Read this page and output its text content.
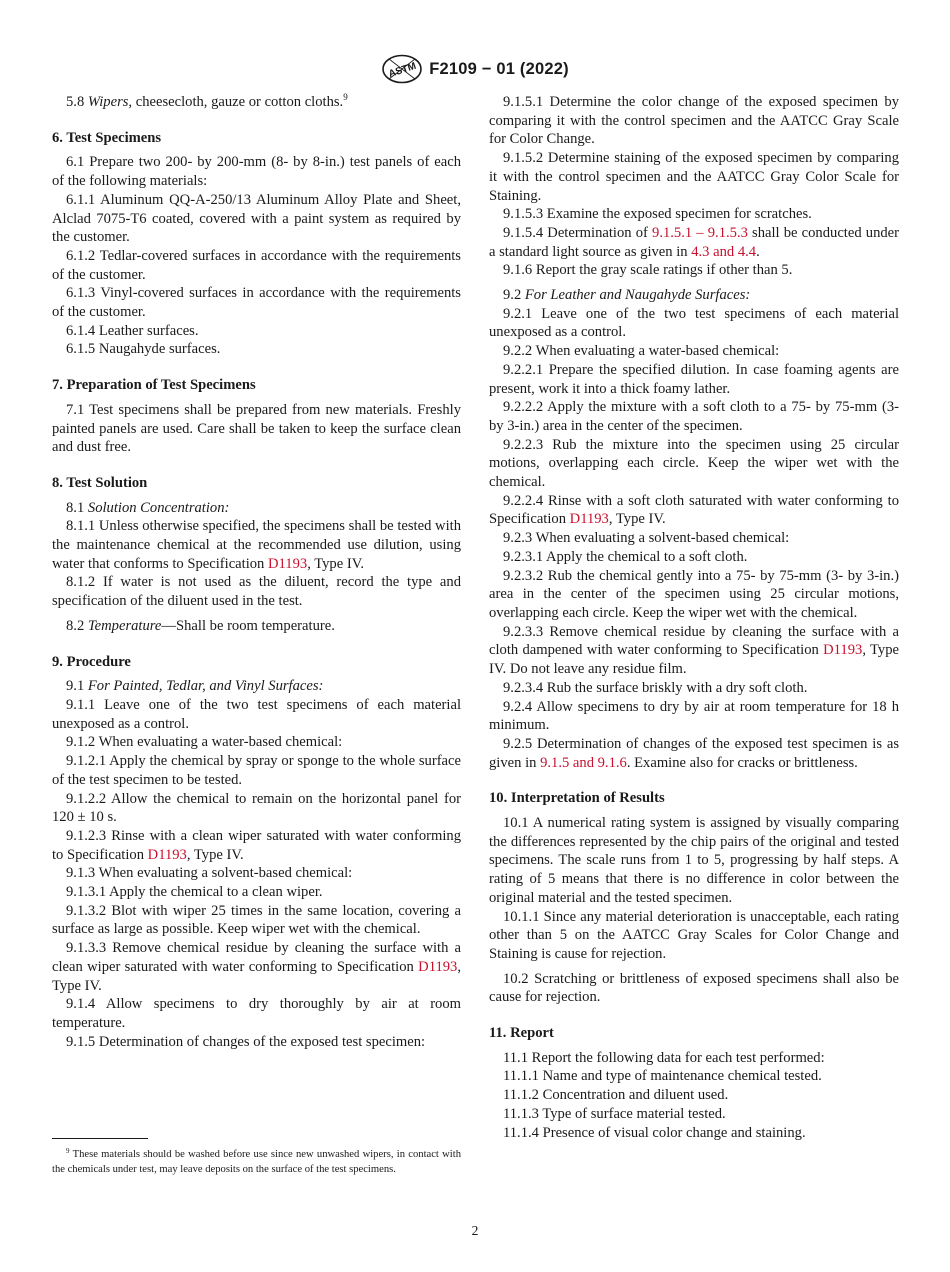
ASTM F2109 − 01 (2022)

5.8 Wipers, cheesecloth, gauze or cotton cloths.$^9$

6. Test Specimens

6.1 Prepare two 200- by 200-mm (8- by 8-in.) test panels of each of the following materials:

6.1.1 Aluminum QQ-A-250/13 Aluminum Alloy Plate and Sheet, Alclad 7075-T6 coated, covered with a paint system as required by the customer.

6.1.2 Tedlar-covered surfaces in accordance with the requirements of the customer.

6.1.3 Vinyl-covered surfaces in accordance with the requirements of the customer.

6.1.4 Leather surfaces.

6.1.5 Naugahyde surfaces.

7. Preparation of Test Specimens

7.1 Test specimens shall be prepared from new materials. Freshly painted panels are used. Care shall be taken to keep the surface clean and dust free.

8. Test Solution

8.1 Solution Concentration:

8.1.1 Unless otherwise specified, the specimens shall be tested with the maintenance chemical at the recommended use dilution, using water that conforms to Specification D1193, Type IV.

8.1.2 If water is not used as the diluent, record the type and specification of the diluent used in the test.

8.2 Temperature—Shall be room temperature.

9. Procedure

9.1 For Painted, Tedlar, and Vinyl Surfaces:

9.1.1 Leave one of the two test specimens of each material unexposed as a control.

9.1.2 When evaluating a water-based chemical:

9.1.2.1 Apply the chemical by spray or sponge to the whole surface of the test specimen to be tested.

9.1.2.2 Allow the chemical to remain on the horizontal panel for 120 ± 10 s.

9.1.2.3 Rinse with a clean wiper saturated with water conforming to Specification D1193, Type IV.

9.1.3 When evaluating a solvent-based chemical:

9.1.3.1 Apply the chemical to a clean wiper.

9.1.3.2 Blot with wiper 25 times in the same location, covering a surface as large as possible. Keep wiper wet with the chemical.

9.1.3.3 Remove chemical residue by cleaning the surface with a clean wiper saturated with water conforming to Specification D1193, Type IV.

9.1.4 Allow specimens to dry thoroughly by air at room temperature.

9.1.5 Determination of changes of the exposed test specimen:

9.1.5.1 Determine the color change of the exposed specimen by comparing it with the control specimen and the AATCC Gray Scale for Color Change.

9.1.5.2 Determine staining of the exposed specimen by comparing it with the control specimen and the AATCC Gray Color Scale for Staining.

9.1.5.3 Examine the exposed specimen for scratches.

9.1.5.4 Determination of 9.1.5.1 – 9.1.5.3 shall be conducted under a standard light source as given in 4.3 and 4.4.

9.1.6 Report the gray scale ratings if other than 5.

9.2 For Leather and Naugahyde Surfaces:

9.2.1 Leave one of the two test specimens of each material unexposed as a control.

9.2.2 When evaluating a water-based chemical:

9.2.2.1 Prepare the specified dilution. In case foaming agents are present, work it into a thick foamy lather.

9.2.2.2 Apply the mixture with a soft cloth to a 75- by 75-mm (3- by 3-in.) area in the center of the specimen.

9.2.2.3 Rub the mixture into the specimen using 25 circular motions, overlapping each circle. Keep the wiper wet with the chemical.

9.2.2.4 Rinse with a soft cloth saturated with water conforming to Specification D1193, Type IV.

9.2.3 When evaluating a solvent-based chemical:

9.2.3.1 Apply the chemical to a soft cloth.

9.2.3.2 Rub the chemical gently into a 75- by 75-mm (3- by 3-in.) area in the center of the specimen using 25 circular motions, overlapping each circle. Keep the wiper wet with the chemical.

9.2.3.3 Remove chemical residue by cleaning the surface with a cloth dampened with water conforming to Specification D1193, Type IV. Do not leave any residue film.

9.2.3.4 Rub the surface briskly with a dry soft cloth.

9.2.4 Allow specimens to dry by air at room temperature for 18 h minimum.

9.2.5 Determination of changes of the exposed test specimen is as given in 9.1.5 and 9.1.6. Examine also for cracks or brittleness.

10. Interpretation of Results

10.1 A numerical rating system is assigned by visually comparing the differences represented by the chip pairs of the original and tested specimens. The scale runs from 1 to 5, progressing by half steps. A rating of 5 means that there is no difference in color between the original material and the tested specimen.

10.1.1 Since any material deterioration is unacceptable, each rating other than 5 on the AATCC Gray Scales for Color Change and Staining is cause for rejection.

10.2 Scratching or brittleness of exposed specimens shall also be cause for rejection.

11. Report

11.1 Report the following data for each test performed:

11.1.1 Name and type of maintenance chemical tested.

11.1.2 Concentration and diluent used.

11.1.3 Type of surface material tested.

11.1.4 Presence of visual color change and staining.

$^9$ These materials should be washed before use since new unwashed wipers, in contact with the chemicals under test, may leave deposits on the surface of the test specimens.
2
